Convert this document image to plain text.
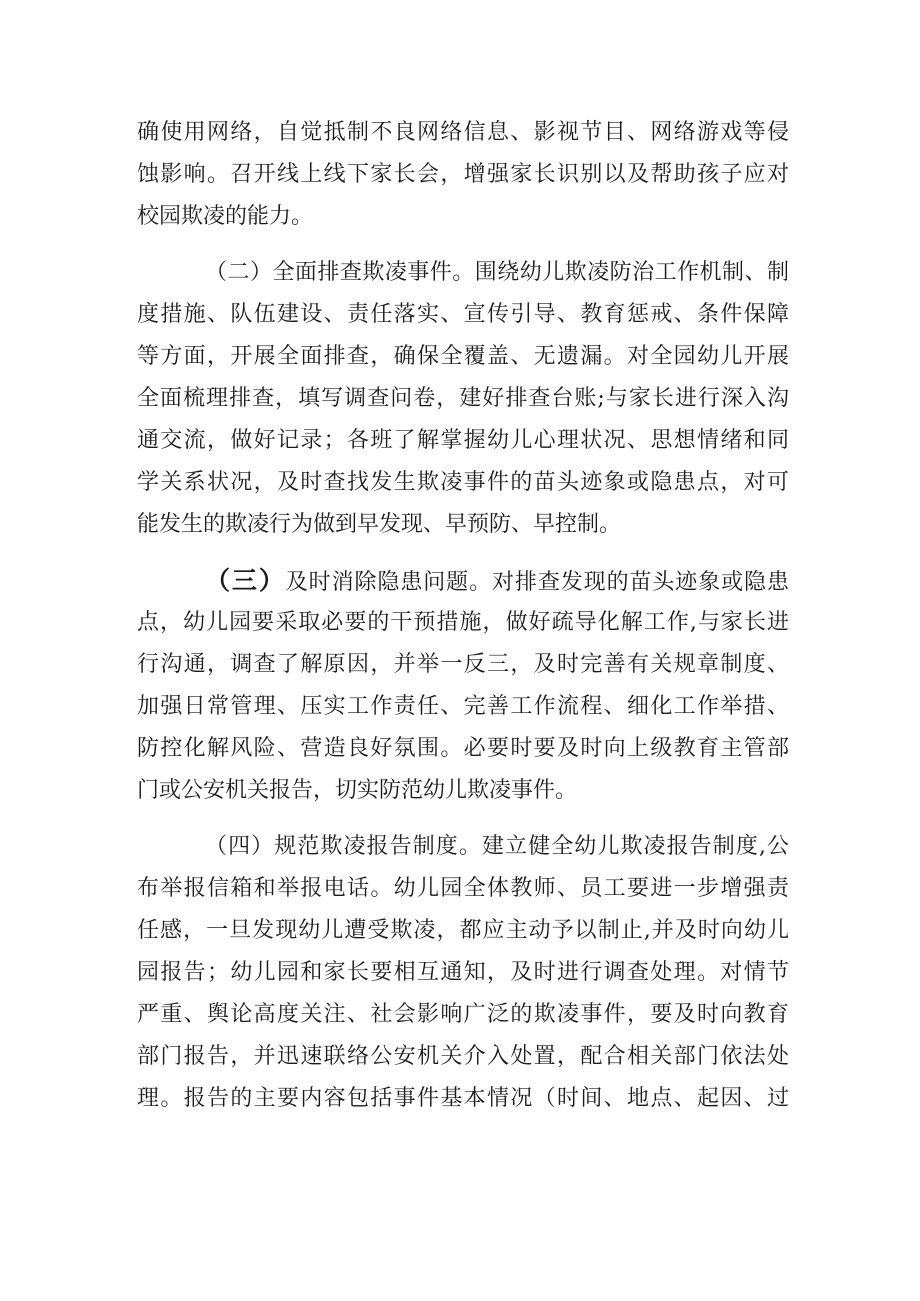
确使用网络，自觉抵制不良网络信息、影视节目、网络游戏等侵
蚀影响。召开线上线下家长会，增强家长识别以及帮助孩子应对
校园欺凌的能力。
（二）全面排查欺凌事件。围绕幼儿欺凌防治工作机制、制
度措施、队伍建设、责任落实、宣传引导、教育惩戒、条件保障
等方面，开展全面排查，确保全覆盖、无遗漏。对全园幼儿开展
全面梳理排查，填写调查问卷，建好排查台账;与家长进行深入沟
通交流，做好记录；各班了解掌握幼儿心理状况、思想情绪和同
学关系状况，及时查找发生欺凌事件的苗头迹象或隐患点，对可
能发生的欺凌行为做到早发现、早预防、早控制。
（三）及时消除隐患问题。对排查发现的苗头迹象或隐患
点，幼儿园要采取必要的干预措施，做好疏导化解工作,与家长进
行沟通，调查了解原因，并举一反三，及时完善有关规章制度、
加强日常管理、压实工作责任、完善工作流程、细化工作举措、
防控化解风险、营造良好氛围。必要时要及时向上级教育主管部
门或公安机关报告，切实防范幼儿欺凌事件。
（四）规范欺凌报告制度。建立健全幼儿欺凌报告制度,公
布举报信箱和举报电话。幼儿园全体教师、员工要进一步增强责
任感，一旦发现幼儿遭受欺凌，都应主动予以制止,并及时向幼儿
园报告；幼儿园和家长要相互通知，及时进行调查处理。对情节
严重、舆论高度关注、社会影响广泛的欺凌事件，要及时向教育
部门报告，并迅速联络公安机关介入处置，配合相关部门依法处
理。报告的主要内容包括事件基本情况（时间、地点、起因、过
